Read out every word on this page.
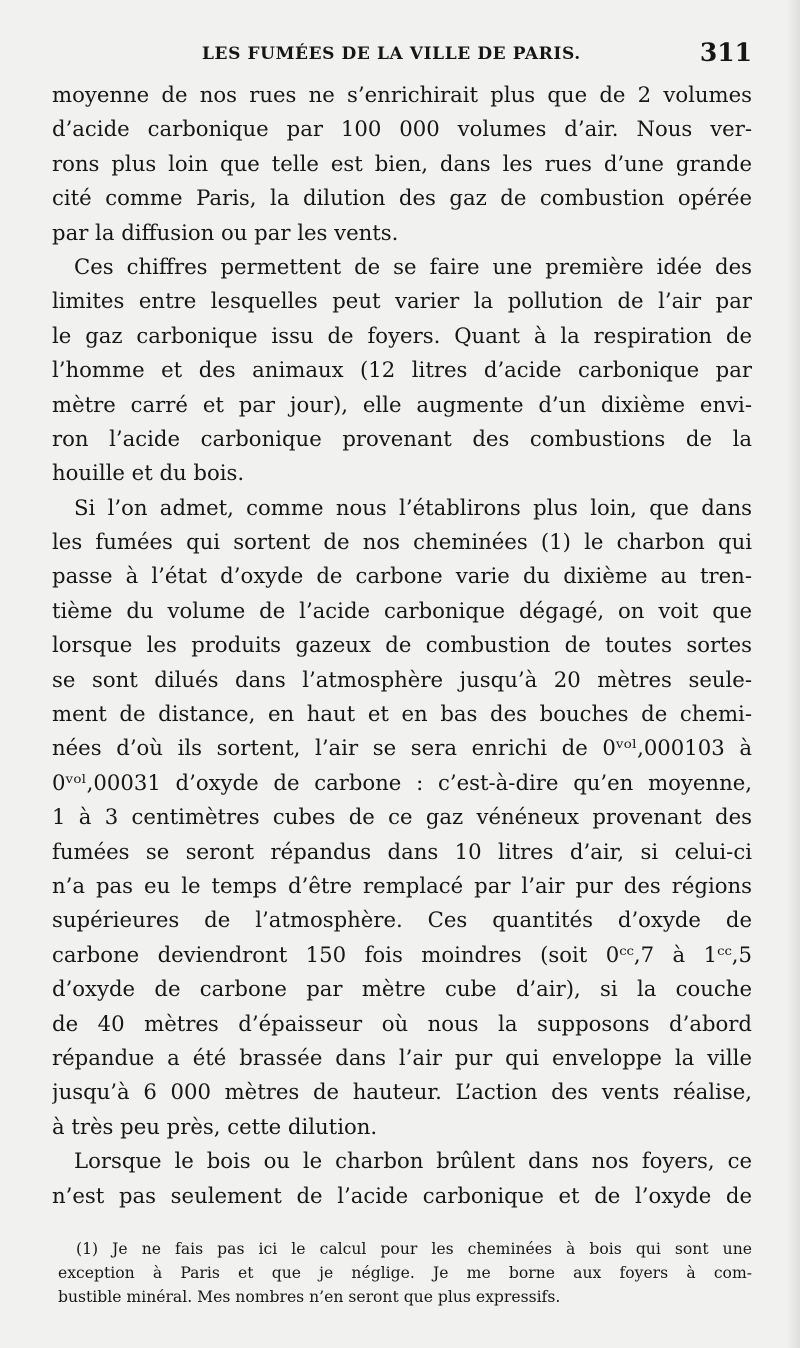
LES FUMÉES DE LA VILLE DE PARIS.	311
moyenne de nos rues ne s’enrichirait plus que de 2 volumes
d’acide carbonique par 100 000 volumes d’air. Nous ver-
rons plus loin que telle est bien, dans les rues d’une grande
cité comme Paris, la dilution des gaz de combustion opérée
par la diffusion ou par les vents.
Ces chiffres permettent de se faire une première idée des
limites entre lesquelles peut varier la pollution de l’air par
le gaz carbonique issu de foyers. Quant à la respiration de
l’homme et des animaux (12 litres d’acide carbonique par
mètre carré et par jour), elle augmente d’un dixième envi-
ron l’acide carbonique provenant des combustions de la
houille et du bois.
Si l’on admet, comme nous l’établirons plus loin, que dans
les fumées qui sortent de nos cheminées (1) le charbon qui
passe à l’état d’oxyde de carbone varie du dixième au tren-
tième du volume de l’acide carbonique dégagé, on voit que
lorsque les produits gazeux de combustion de toutes sortes
se sont dilués dans l’atmosphère jusqu’à 20 mètres seule-
ment de distance, en haut et en bas des bouches de chemi-
nées d’où ils sortent, l’air se sera enrichi de 0ᵛᵒˡ,000103 à
0ᵛᵒˡ,00031 d’oxyde de carbone : c’est-à-dire qu’en moyenne,
1 à 3 centimètres cubes de ce gaz vénéneux provenant des
fumées se seront répandus dans 10 litres d’air, si celui-ci
n’a pas eu le temps d’être remplacé par l’air pur des régions
supérieures de l’atmosphère. Ces quantités d’oxyde de
carbone deviendront 150 fois moindres (soit 0ᶜᶜ,7 à 1ᶜᶜ,5
d’oxyde de carbone par mètre cube d’air), si la couche
de 40 mètres d’épaisseur où nous la supposons d’abord
répandue a été brassée dans l’air pur qui enveloppe la ville
jusqu’à 6 000 mètres de hauteur. L’action des vents réalise,
à très peu près, cette dilution.
Lorsque le bois ou le charbon brûlent dans nos foyers, ce
n’est pas seulement de l’acide carbonique et de l’oxyde de
(1) Je ne fais pas ici le calcul pour les cheminées à bois qui sont une
exception à Paris et que je néglige. Je me borne aux foyers à com-
bustible minéral. Mes nombres n’en seront que plus expressifs.
